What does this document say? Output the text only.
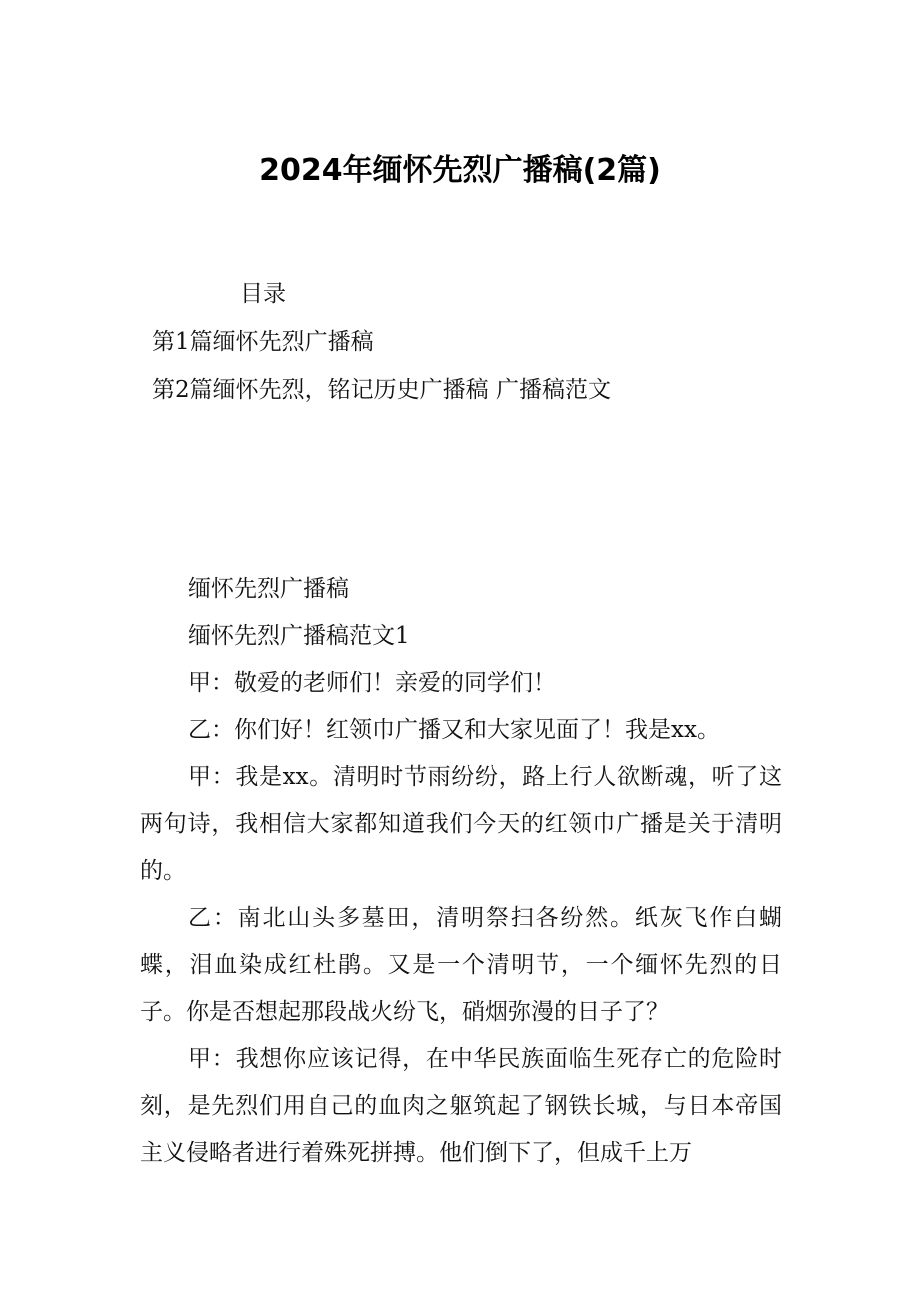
2024年缅怀先烈广播稿(2篇)
目录
第1篇缅怀先烈广播稿
第2篇缅怀先烈，铭记历史广播稿 广播稿范文

缅怀先烈广播稿

缅怀先烈广播稿范文1

甲：敬爱的老师们！亲爱的同学们！

乙：你们好！红领巾广播又和大家见面了！我是xx。

甲：我是xx。清明时节雨纷纷，路上行人欲断魂，听了这两句诗，我相信大家都知道我们今天的红领巾广播是关于清明的。

乙：南北山头多墓田，清明祭扫各纷然。纸灰飞作白蝴蝶，泪血染成红杜鹃。又是一个清明节，一个缅怀先烈的日子。你是否想起那段战火纷飞，硝烟弥漫的日子了？

甲：我想你应该记得，在中华民族面临生死存亡的危险时刻，是先烈们用自己的血肉之躯筑起了钢铁长城，与日本帝国主义侵略者进行着殊死拼搏。他们倒下了，但成千上万
